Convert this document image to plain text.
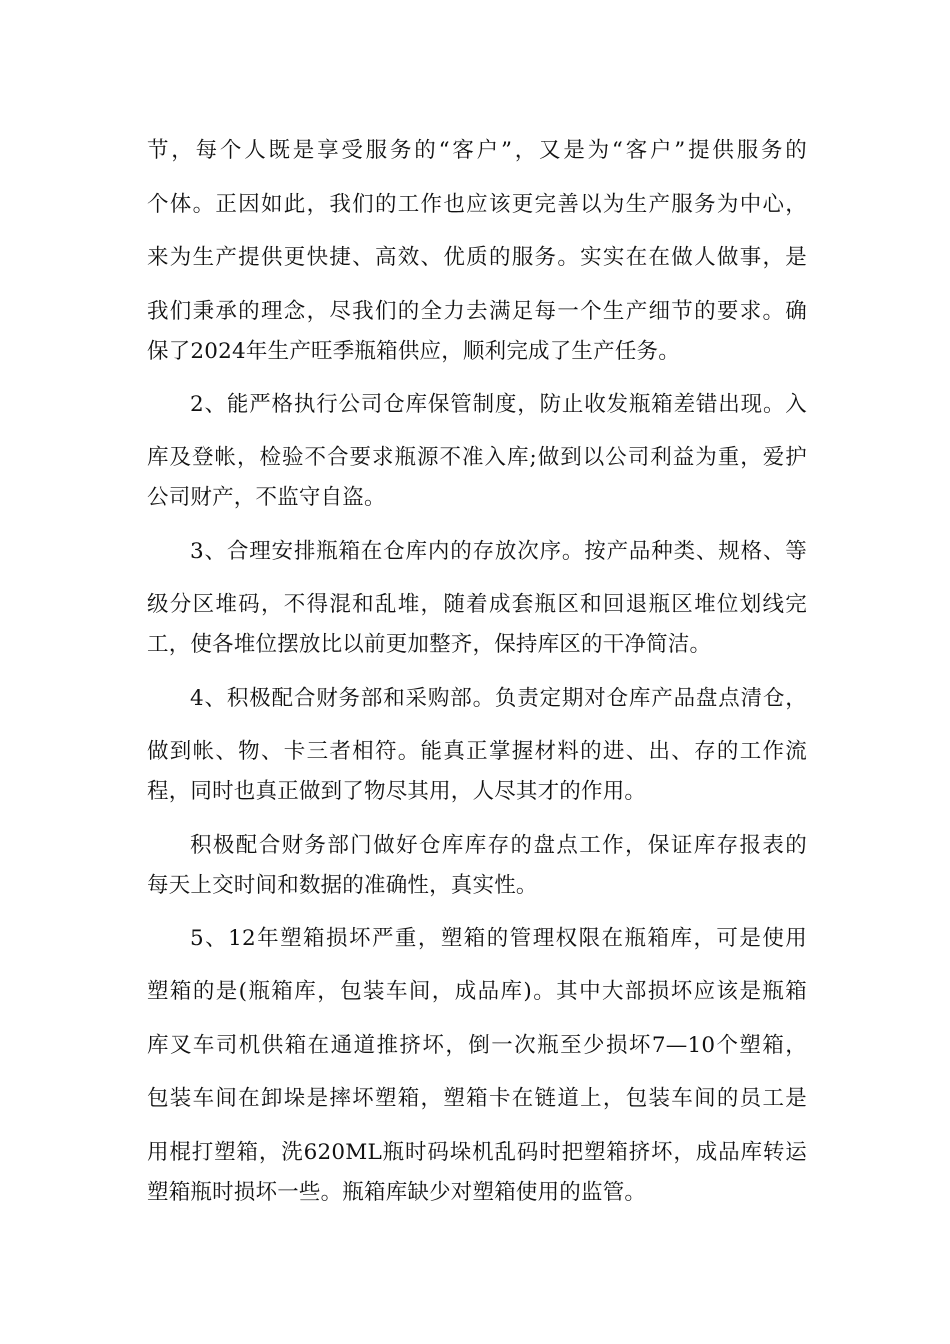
节，每个人既是享受服务的“客户”，又是为“客户”提供服务的
个体。正因如此，我们的工作也应该更完善以为生产服务为中心，
来为生产提供更快捷、高效、优质的服务。实实在在做人做事，是
我们秉承的理念，尽我们的全力去满足每一个生产细节的要求。确
保了2024年生产旺季瓶箱供应，顺利完成了生产任务。
2、能严格执行公司仓库保管制度，防止收发瓶箱差错出现。入
库及登帐，检验不合要求瓶源不准入库;做到以公司利益为重，爱护
公司财产，不监守自盗。
3、合理安排瓶箱在仓库内的存放次序。按产品种类、规格、等
级分区堆码，不得混和乱堆，随着成套瓶区和回退瓶区堆位划线完
工，使各堆位摆放比以前更加整齐，保持库区的干净简洁。
4、积极配合财务部和采购部。负责定期对仓库产品盘点清仓，
做到帐、物、卡三者相符。能真正掌握材料的进、出、存的工作流
程，同时也真正做到了物尽其用，人尽其才的作用。
积极配合财务部门做好仓库库存的盘点工作，保证库存报表的
每天上交时间和数据的准确性，真实性。
5、12年塑箱损坏严重，塑箱的管理权限在瓶箱库，可是使用
塑箱的是(瓶箱库，包装车间，成品库)。其中大部损坏应该是瓶箱
库叉车司机供箱在通道推挤坏，倒一次瓶至少损坏7—10个塑箱，
包装车间在卸垛是摔坏塑箱，塑箱卡在链道上，包装车间的员工是
用棍打塑箱，洗620ML瓶时码垛机乱码时把塑箱挤坏，成品库转运
塑箱瓶时损坏一些。瓶箱库缺少对塑箱使用的监管。
